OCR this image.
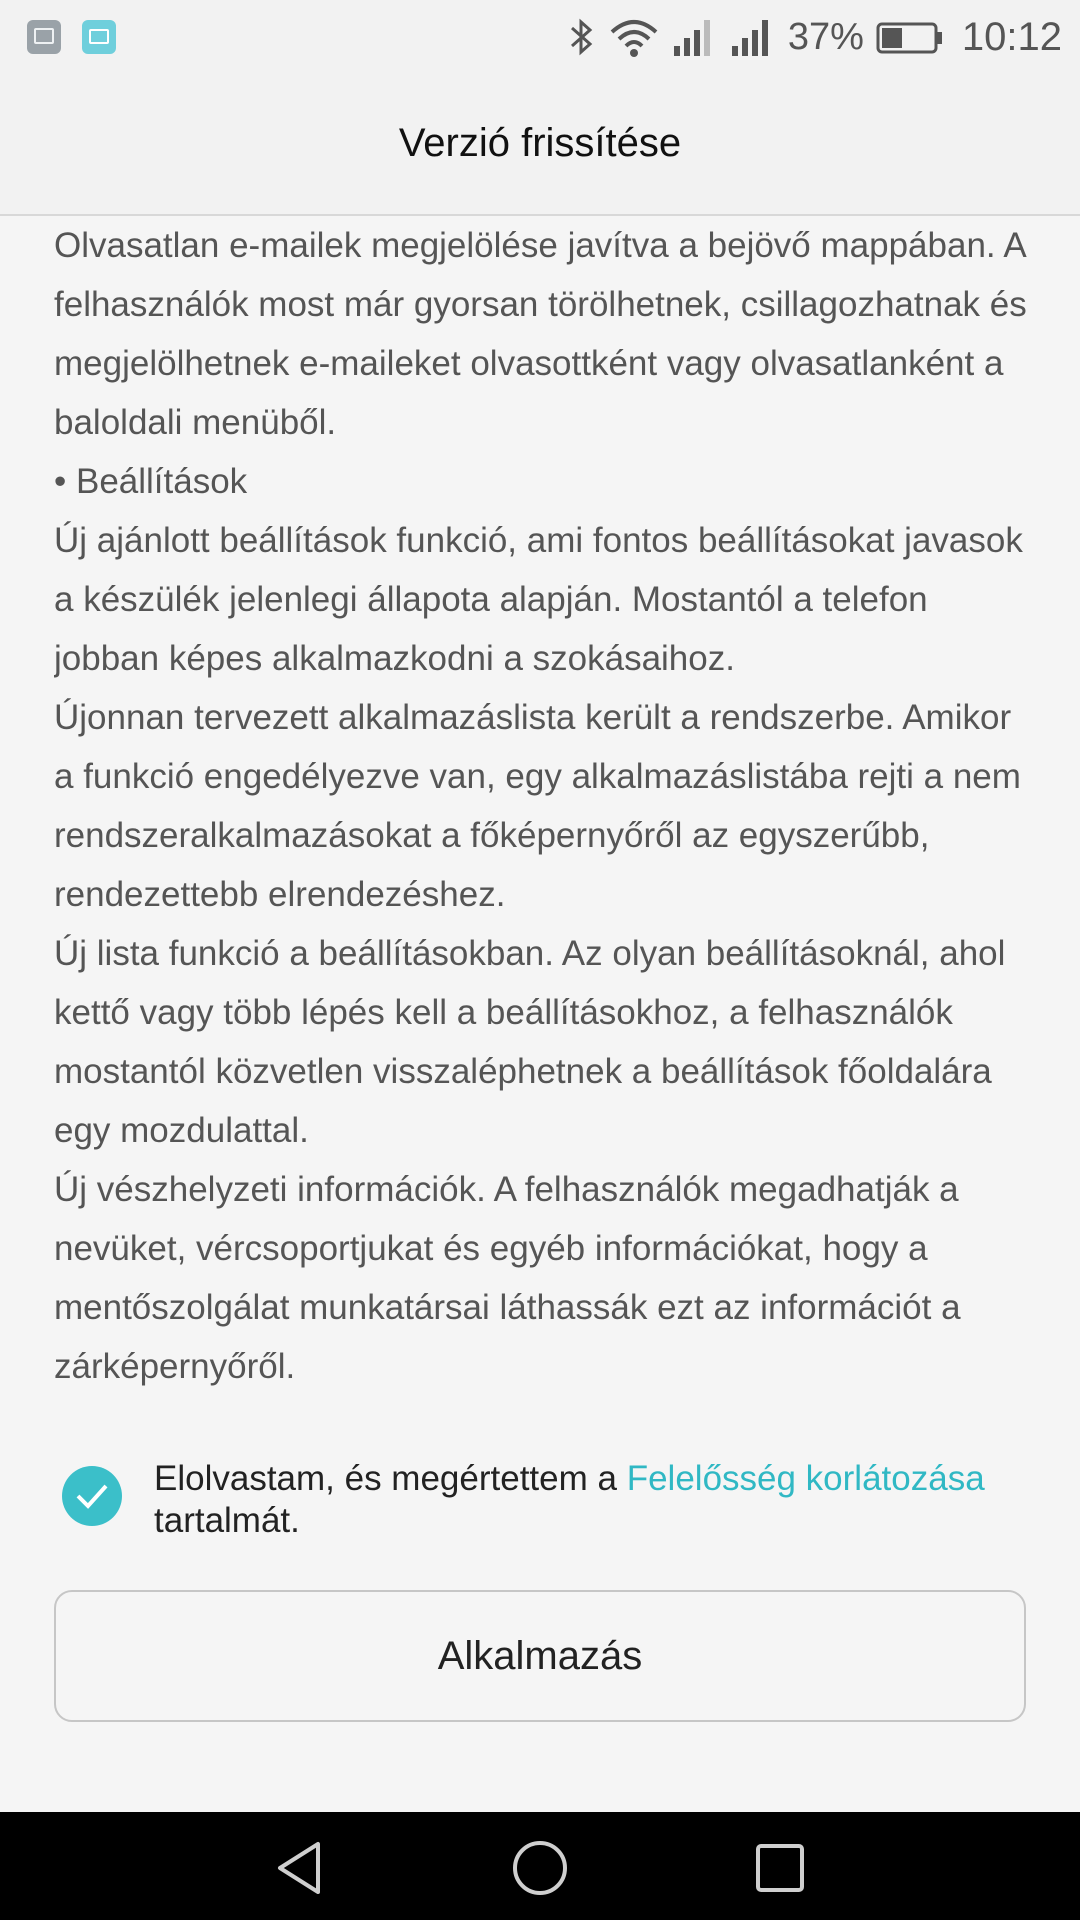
37% 10:12
Verzió frissítése

Olvasatlan e-mailek megjelölése javítva a bejövő mappában. A felhasználók most már gyorsan törölhetnek, csillagozhatnak és megjelölhetnek e-maileket olvasottként vagy olvasatlanként a baloldali menüből.

• Beállítások

Új ajánlott beállítások funkció, ami fontos beállításokat javasok a készülék jelenlegi állapota alapján. Mostantól a telefon jobban képes alkalmazkodni a szokásaihoz.

Újonnan tervezett alkalmazáslista került a rendszerbe. Amikor a funkció engedélyezve van, egy alkalmazáslistába rejti a nem rendszeralkalmazásokat a főképernyőről az egyszerűbb, rendezettebb elrendezéshez.

Új lista funkció a beállításokban. Az olyan beállításoknál, ahol kettő vagy több lépés kell a beállításokhoz, a felhasználók mostantól közvetlen visszaléphetnek a beállítások főoldalára egy mozdulattal.

Új vészhelyzeti információk. A felhasználók megadhatják a nevüket, vércsoportjukat és egyéb információkat, hogy a mentőszolgálat munkatársai láthassák ezt az információt a zárképernyőről.

Elolvastam, és megértettem a Felelősség korlátozása tartalmát.
Alkalmazás
